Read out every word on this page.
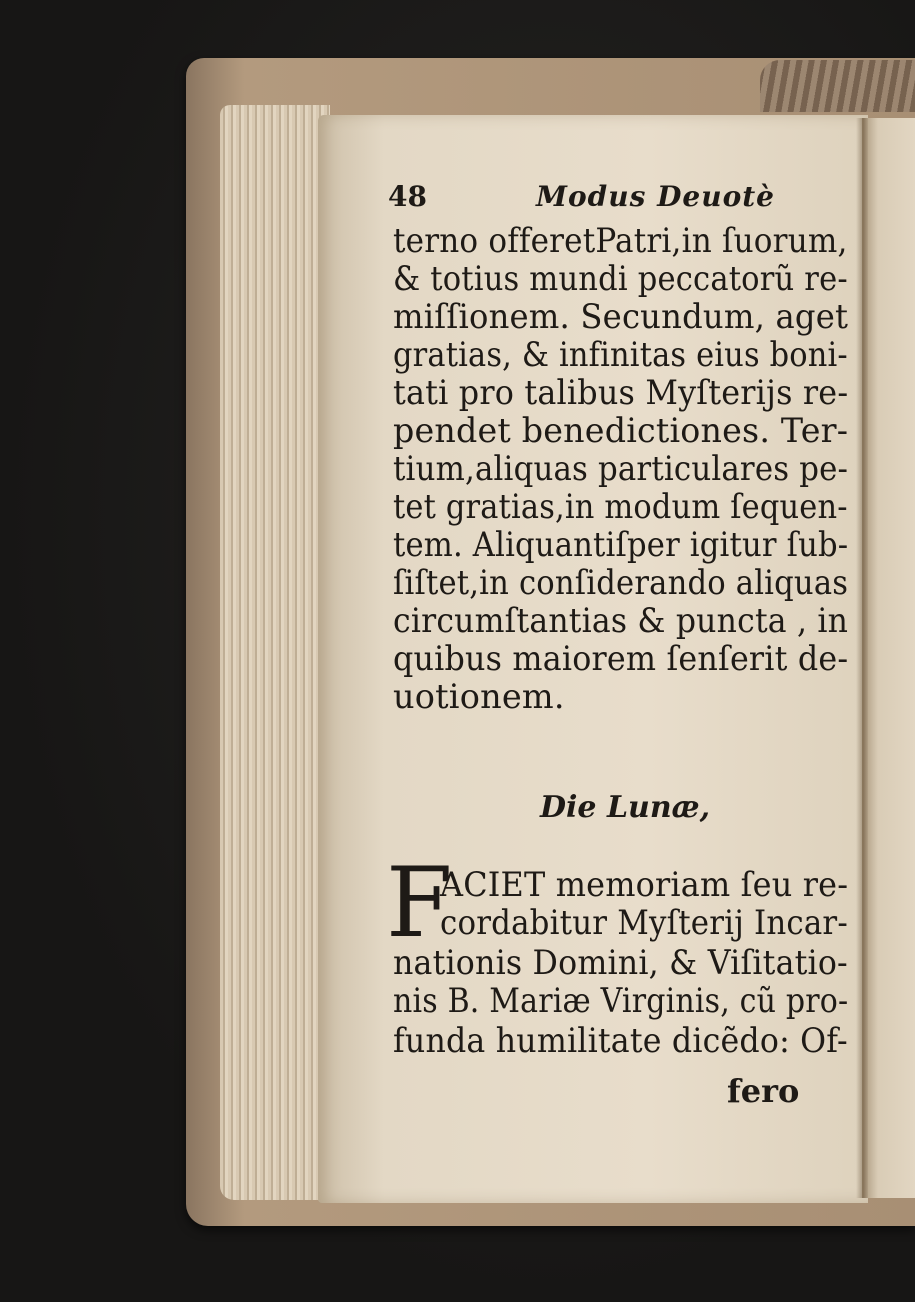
48	Modus Deuotè
terno offeretPatri,in ſuorum,
& totius mundi peccatorũ re-
miſſionem. Secundum, aget
gratias, & infinitas eius boni-
tati pro talibus Myſterijs re-
pendet benedictiones. Ter-
tium,aliquas particulares pe-
tet gratias,in modum ſequen-
tem. Aliquantiſper igitur ſub-
ſiſtet,in conſiderando aliquas
circumſtantias & puncta , in
quibus maiorem ſenſerit de-
uotionem.
Die Lunæ,
F
ACIET memoriam ſeu re-
cordabitur Myſterij Incar-
nationis Domini, & Viſitatio-
nis B. Mariæ Virginis, cũ pro-
funda humilitate dicẽdo: Of-
fero
